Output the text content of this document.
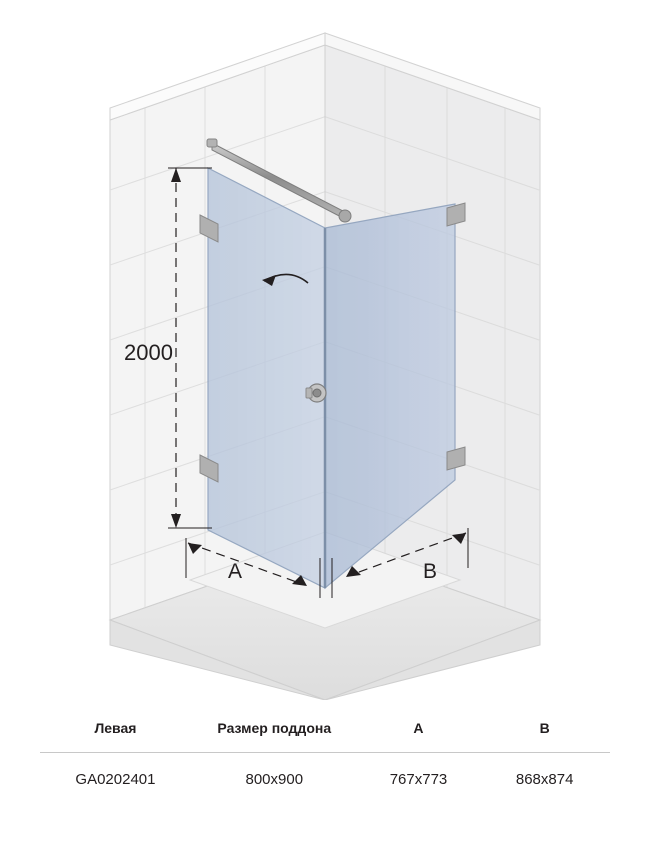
2000
A	B
Левая	Размер поддона	A	B
GA0202401	800x900	767x773	868x874
